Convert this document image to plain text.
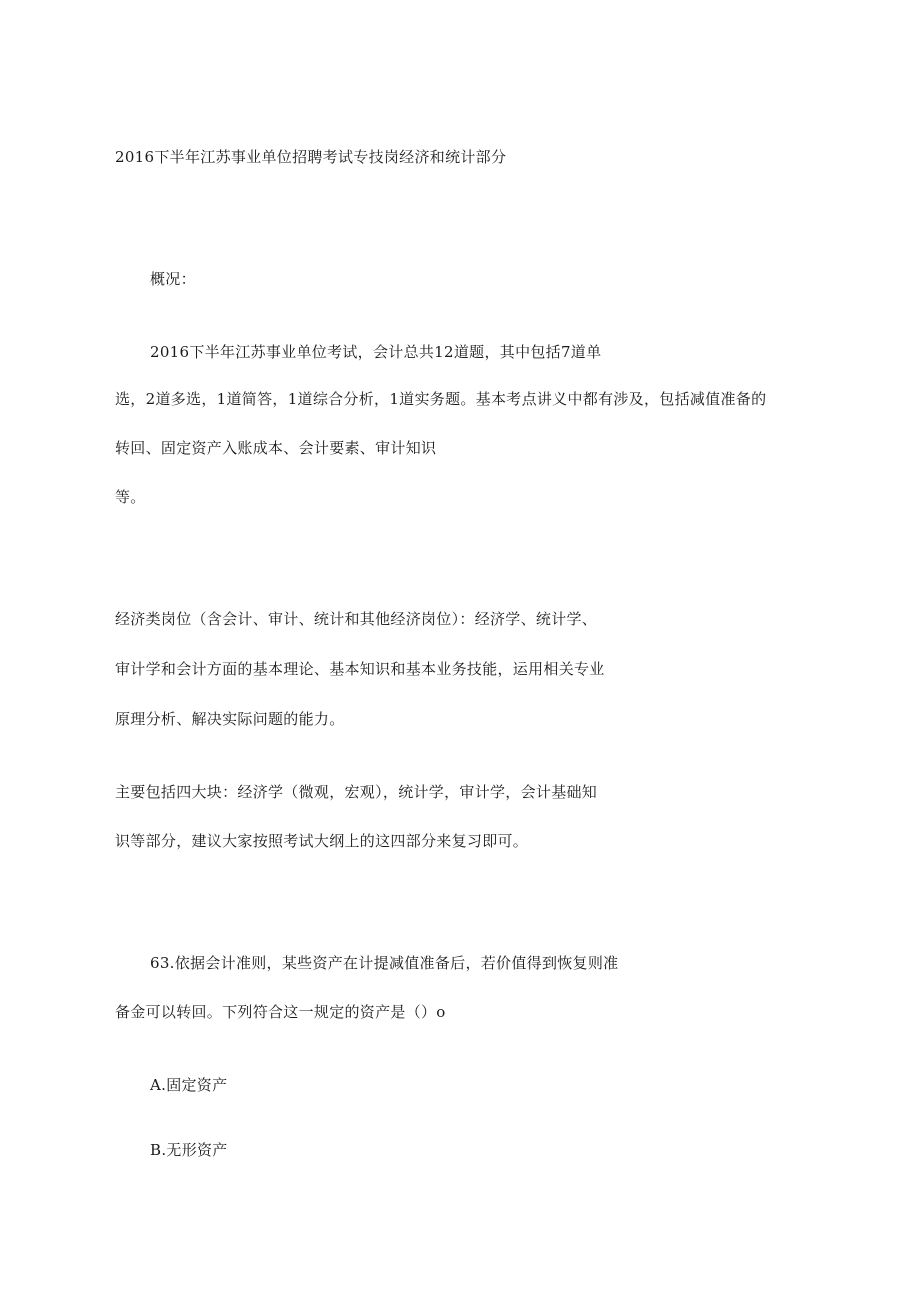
2016下半年江苏事业单位招聘考试专技岗经济和统计部分
概况：
2016下半年江苏事业单位考试，会计总共12道题，其中包括7道单
选，2道多选，1道简答，1道综合分析，1道实务题。基本考点讲义中都有涉及，包括减值准备的
转回、固定资产入账成本、会计要素、审计知识
等。
经济类岗位（含会计、审计、统计和其他经济岗位）：经济学、统计学、
审计学和会计方面的基本理论、基本知识和基本业务技能，运用相关专业
原理分析、解决实际问题的能力。
主要包括四大块：经济学（微观，宏观），统计学，审计学，会计基础知
识等部分，建议大家按照考试大纲上的这四部分来复习即可。
63.依据会计准则，某些资产在计提减值准备后，若价值得到恢复则准
备金可以转回。下列符合这一规定的资产是（）o
A.固定资产
B.无形资产
